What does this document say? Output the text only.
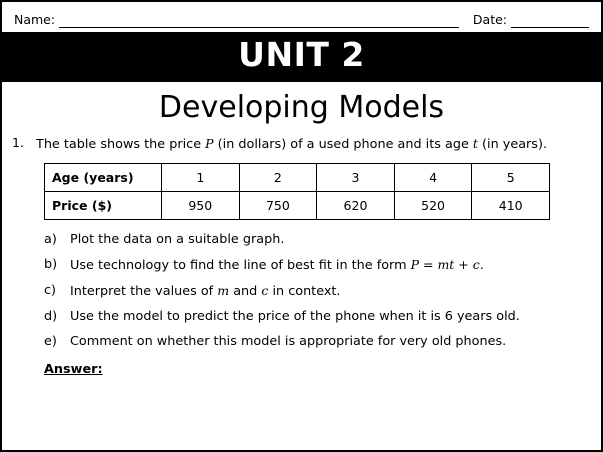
Name:	Date:
UNIT 2
Developing Models
1. The table shows the price P (in dollars) of a used phone and its age t (in years).
Age (years)	1	2	3	4	5
Price ($)	950	750	620	520	410
a)	Plot the data on a suitable graph.
b)	Use technology to find the line of best fit in the form P = mt + c.
c)	Interpret the values of m and c in context.
d)	Use the model to predict the price of the phone when it is 6 years old.
e)	Comment on whether this model is appropriate for very old phones.
Answer:
